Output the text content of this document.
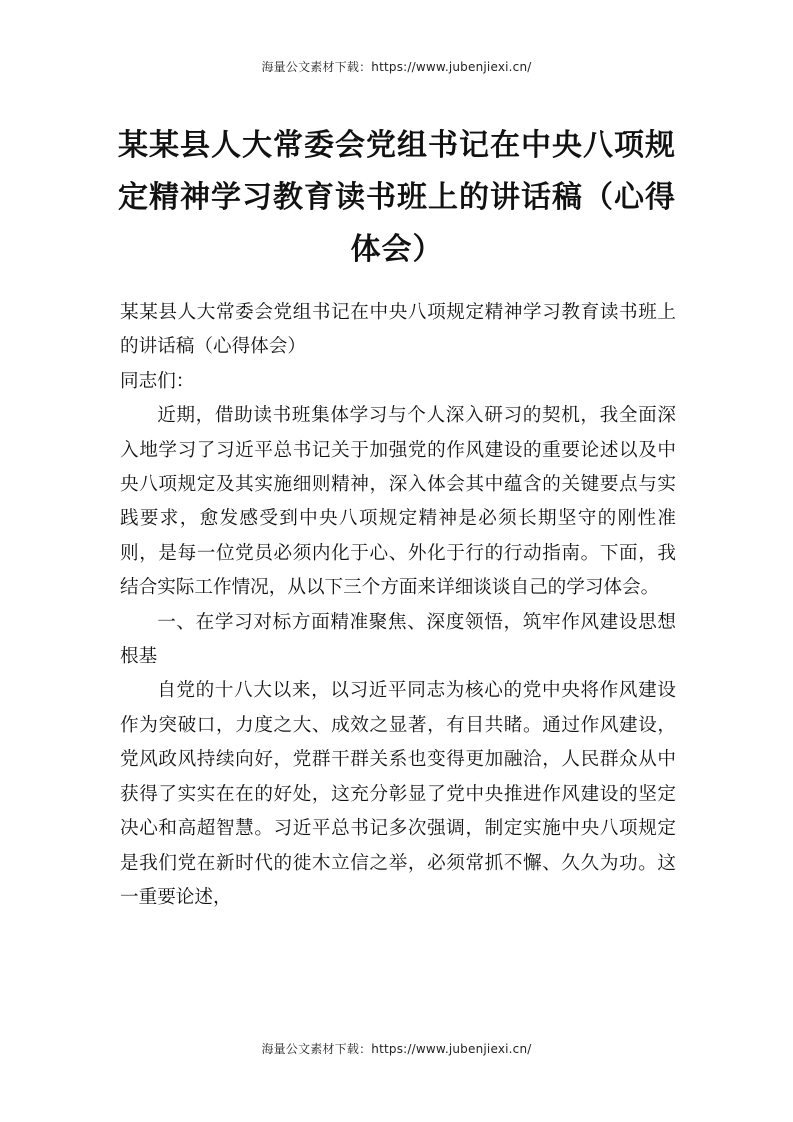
海量公文素材下载：https://www.jubenjiexi.cn/
某某县人大常委会党组书记在中央八项规定精神学习教育读书班上的讲话稿（心得体会）

某某县人大常委会党组书记在中央八项规定精神学习教育读书班上的讲话稿（心得体会）

同志们：

近期，借助读书班集体学习与个人深入研习的契机，我全面深入地学习了习近平总书记关于加强党的作风建设的重要论述以及中央八项规定及其实施细则精神，深入体会其中蕴含的关键要点与实践要求，愈发感受到中央八项规定精神是必须长期坚守的刚性准则，是每一位党员必须内化于心、外化于行的行动指南。下面，我结合实际工作情况，从以下三个方面来详细谈谈自己的学习体会。

一、在学习对标方面精准聚焦、深度领悟，筑牢作风建设思想根基

自党的十八大以来，以习近平同志为核心的党中央将作风建设作为突破口，力度之大、成效之显著，有目共睹。通过作风建设，党风政风持续向好，党群干群关系也变得更加融洽，人民群众从中获得了实实在在的好处，这充分彰显了党中央推进作风建设的坚定决心和高超智慧。习近平总书记多次强调，制定实施中央八项规定是我们党在新时代的徙木立信之举，必须常抓不懈、久久为功。这一重要论述，

海量公文素材下载：https://www.jubenjiexi.cn/
